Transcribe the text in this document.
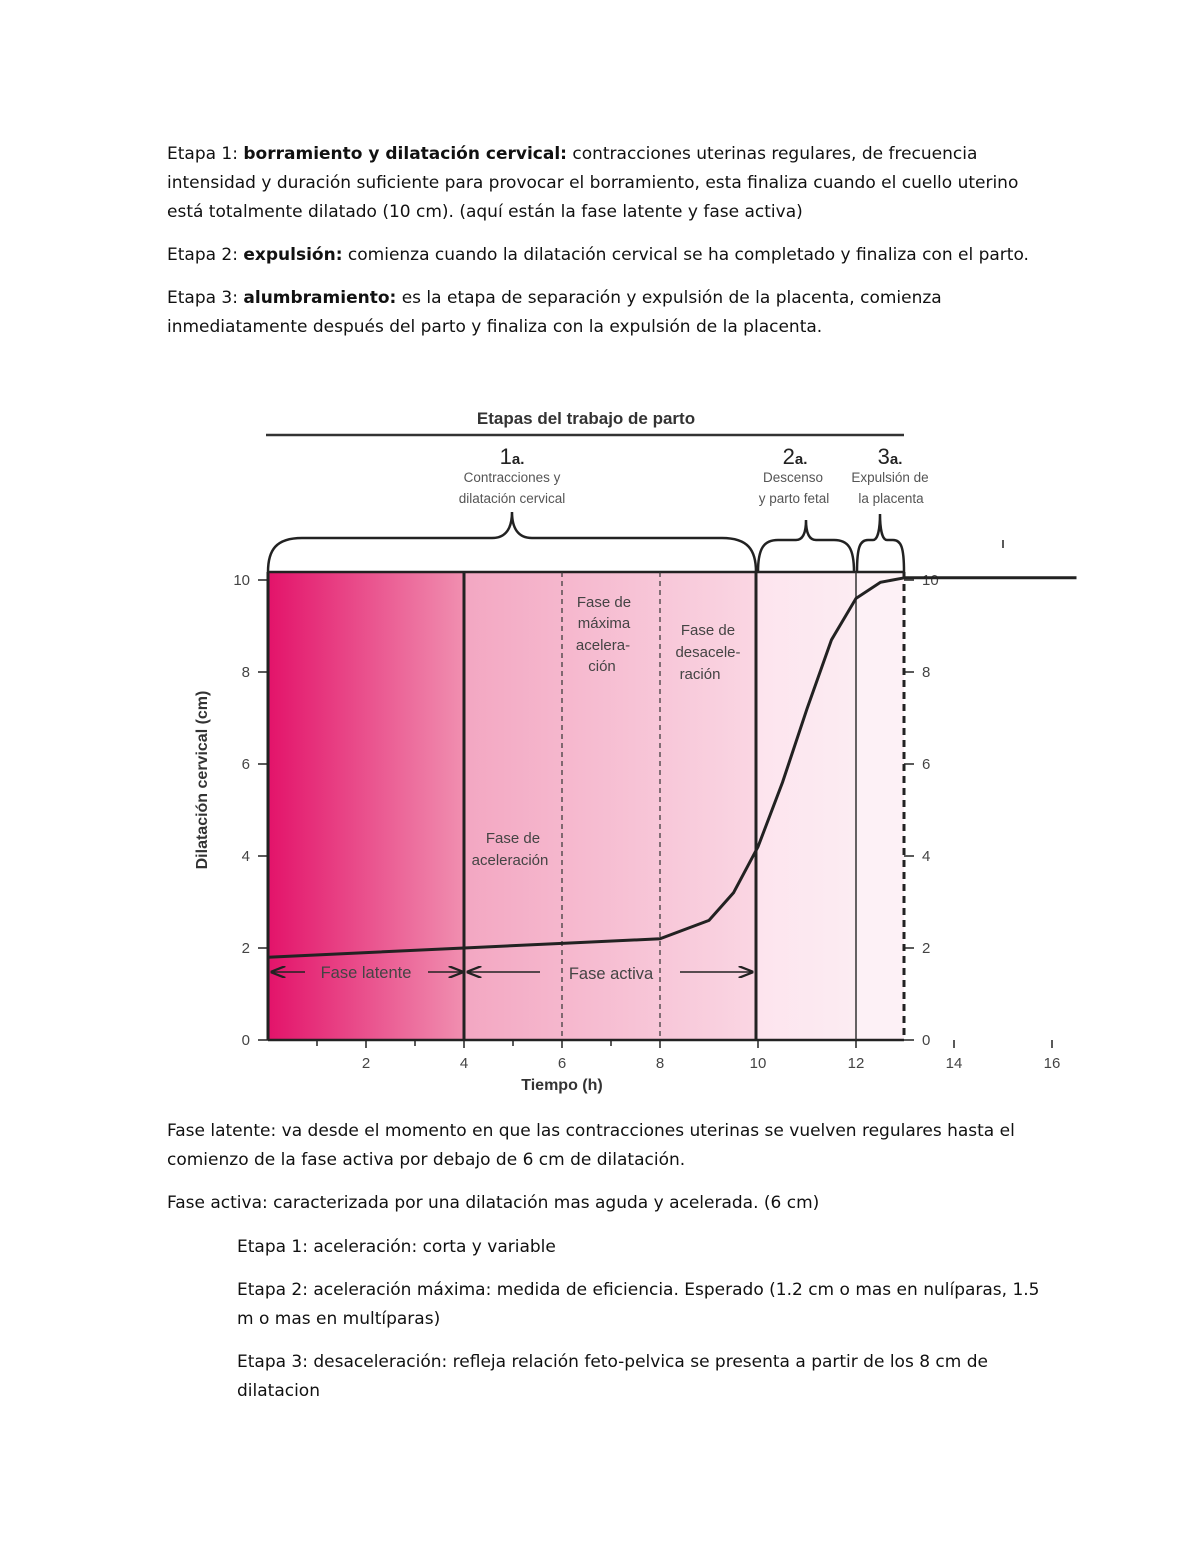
Etapa 1: borramiento y dilatación cervical: contracciones uterinas regulares, de frecuencia intensidad y duración suficiente para provocar el borramiento, esta finaliza cuando el cuello uterino está totalmente dilatado (10 cm). (aquí están la fase latente y fase activa)

Etapa 2: expulsión: comienza cuando la dilatación cervical se ha completado y finaliza con el parto.

Etapa 3: alumbramiento: es la etapa de separación y expulsión de la placenta, comienza inmediatamente después del parto y finaliza con la expulsión de la placenta.

Etapas del trabajo de parto
1a.
Contracciones y
dilatación cervical
2a.
Descenso
y parto fetal
3a.
Expulsión de
la placenta
2	4	6	8	10	12	14	16
0	0
2	2
4	4
6	6
8	8
10	10
Fase de
aceleración
Fase de
máxima
acelera-
ción
Fase de
desacele-
ración
Fase latente	Fase activa
Tiempo (h)
Dilatación cervical (cm)

Fase latente: va desde el momento en que las contracciones uterinas se vuelven regulares hasta el comienzo de la fase activa por debajo de 6 cm de dilatación.

Fase activa: caracterizada por una dilatación mas aguda y acelerada. (6 cm)

Etapa 1: aceleración: corta y variable

Etapa 2: aceleración máxima: medida de eficiencia. Esperado (1.2 cm o mas en nulíparas, 1.5 m o mas en multíparas)

Etapa 3: desaceleración: refleja relación feto-pelvica se presenta a partir de los 8 cm de dilatacion
